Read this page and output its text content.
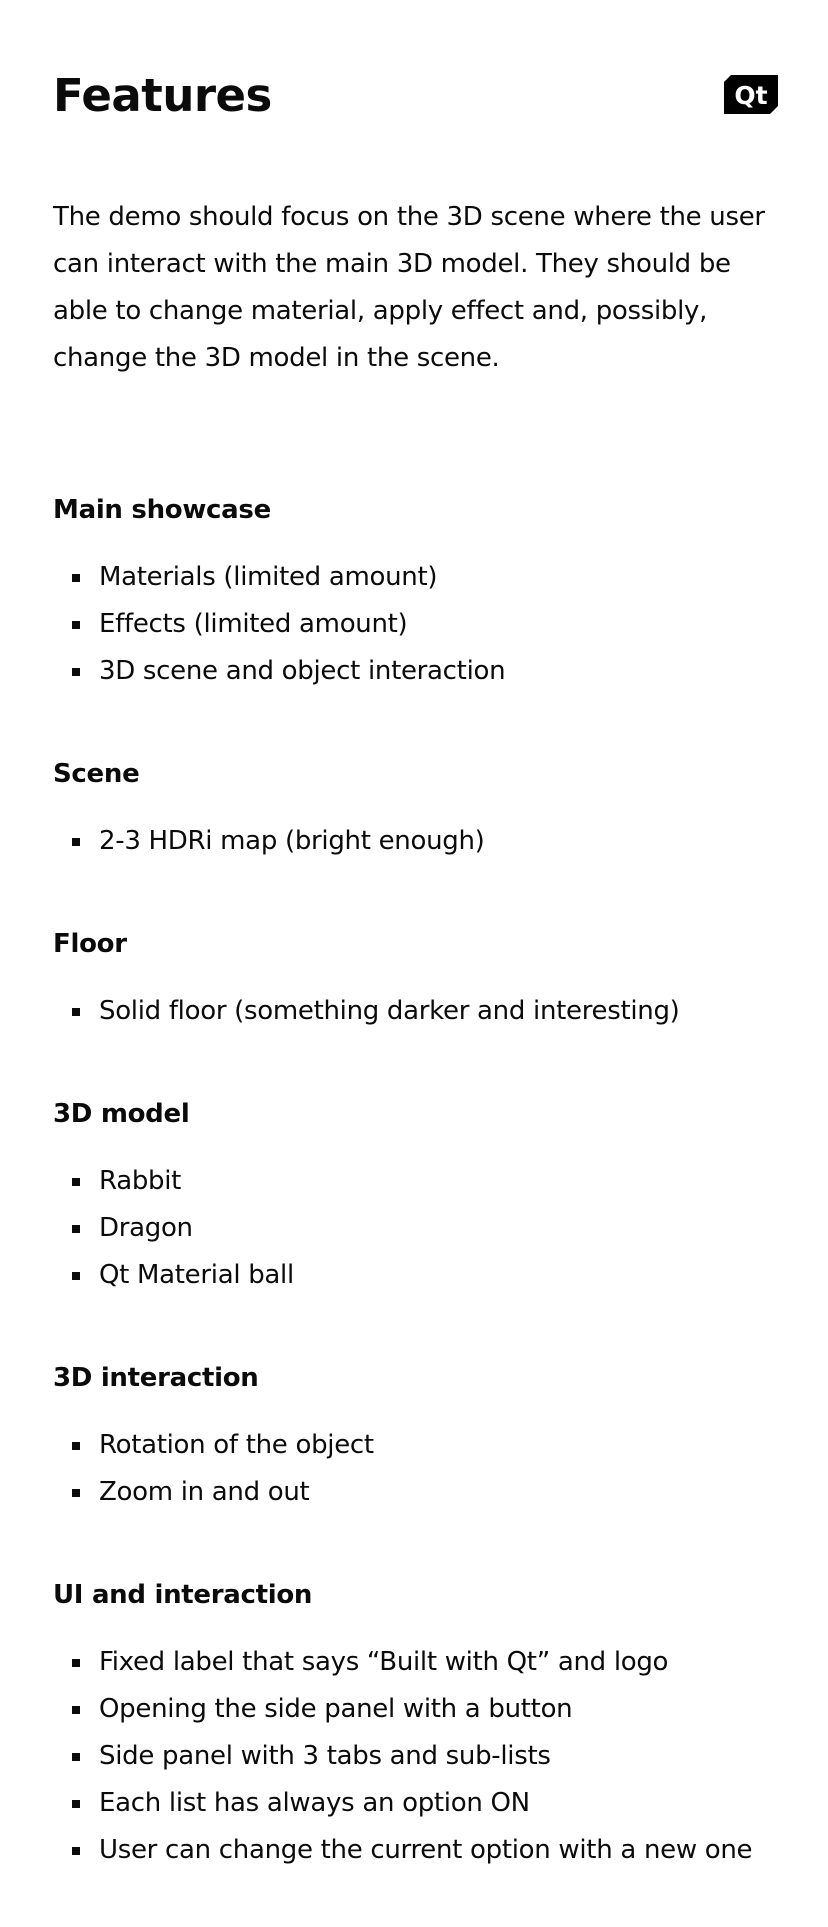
Features	Qt

The demo should focus on the 3D scene where the user can interact with the main 3D model. They should be able to change material, apply effect and, possibly, change the 3D model in the scene.

Main showcase
Materials (limited amount)
Effects (limited amount)
3D scene and object interaction
Scene
2-3 HDRi map (bright enough)
Floor
Solid floor (something darker and interesting)
3D model
Rabbit
Dragon
Qt Material ball
3D interaction
Rotation of the object
Zoom in and out
UI and interaction
Fixed label that says “Built with Qt” and logo
Opening the side panel with a button
Side panel with 3 tabs and sub-lists
Each list has always an option ON
User can change the current option with a new one
